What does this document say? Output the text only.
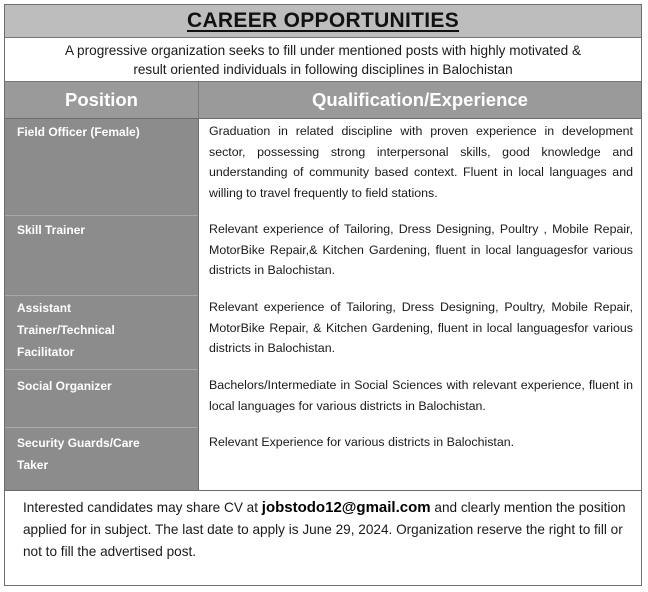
CAREER OPPORTUNITIES
A progressive organization seeks to fill under mentioned posts with highly motivated &
result oriented individuals in following disciplines in Balochistan
Position	Qualification/Experience
Field Officer (Female)
Skill Trainer
Assistant
Trainer/Technical
Facilitator
Social Organizer
Security Guards/Care
Taker
Graduation in related discipline with proven experience in development sector, possessing strong interpersonal skills, good knowledge and understanding of community based context. Fluent in local languages and willing to travel frequently to field stations.
Relevant experience of Tailoring, Dress Designing, Poultry , Mobile Repair, MotorBike Repair,& Kitchen Gardening, fluent in local languagesfor various districts in Balochistan.
Relevant experience of Tailoring, Dress Designing, Poultry, Mobile Repair, MotorBike Repair, & Kitchen Gardening, fluent in local languagesfor various districts in Balochistan.
Bachelors/Intermediate in Social Sciences with relevant experience, fluent in local languages for various districts in Balochistan.
Relevant Experience for various districts in Balochistan.
Interested candidates may share CV at jobstodo12@gmail.com and clearly mention the position applied for in subject. The last date to apply is June 29, 2024. Organization reserve the right to fill or not to fill the advertised post.
